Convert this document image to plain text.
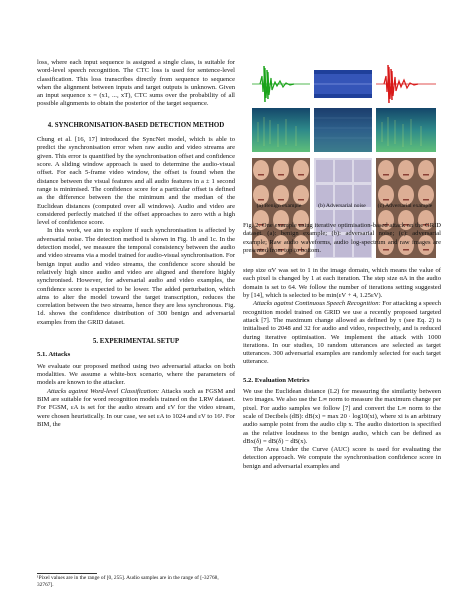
loss, where each input sequence is assigned a single class, is suitable for word-level speech recognition. The CTC loss is used for sentence-level classification. This loss transcribes directly from sequence to sequence when the alignment between inputs and target outputs is unknown. Given an input sequence x = (x1, ..., xT), CTC sums over the probability of all possible alignments to obtain the posterior of the target sequence.

4. SYNCHRONISATION-BASED DETECTION METHOD

Chung et al. [16, 17] introduced the SyncNet model, which is able to predict the synchronisation error when raw audio and video streams are given. This error is quantified by the synchronisation offset and confidence score. A sliding window approach is used to determine the audio-visual offset. For each 5-frame video window, the offset is found when the distance between the visual features and all audio features in a ± 1 second range is minimised. The confidence score for a particular offset is defined as the difference between the the minimum and the median of the Euclidean distances (computed over all windows). Audio and video are considered perfectly matched if the offset approaches to zero with a high level of confidence score.

In this work, we aim to explore if such synchronisation is affected by adversarial noise. The detection method is shown in Fig. 1b and 1c. In the detection model, we measure the temporal consistency between the audio and video streams via a model trained for audio-visual synchronisation. For benign input audio and video streams, the confidence score should be relatively high since audio and video are aligned and therefore highly synchronised. However, for adversarial audio and video examples, the confidence score is expected to be lower. The added perturbation, which aims to alter the model toward the target transcription, reduces the correlation between the two streams, hence they are less synchronous. Fig. 1d. shows the confidence distribution of 300 benign and adversarial examples from the GRID dataset.

5. EXPERIMENTAL SETUP

5.1. Attacks

We evaluate our proposed method using two adversarial attacks on both modalities. We assume a white-box scenario, where the parameters of models are known to the attacker.

Attacks against Word-level Classification: Attacks such as FGSM and BIM are suitable for word recognition models trained on the LRW dataset. For FGSM, εA is set for the audio stream and εV for the video stream, were chosen heuristically. In our case, we set εA to 1024 and εV to 16¹. For BIM, the

¹Pixel values are in the range of [0, 255]. Audio samples are in the range of [-32768, 32767].
(a) Benign example	(b) Adversarial noise	(c) Adversarial example

Fig. 2. One example using iterative optimisation-based attack on the GRID dataset. (a): benign example; (b): adversarial noise; (c): adversarial example; Raw audio waveforms, audio log-spectrum and raw images are presented from top to bottom.

step size αV was set to 1 in the image domain, which means the value of each pixel is changed by 1 at each iteration. The step size αA in the audio domain is set to 64. We follow the number of iterations setting suggested by [14], which is selected to be min(εV + 4, 1.25εV).

Attacks against Continuous Speech Recognition: For attacking a speech recognition model trained on GRID we use a recently proposed targeted attack [7]. The maximum change allowed as defined by τ (see Eq. 2) is initialised to 2048 and 32 for audio and video, respectively, and is reduced during iterative optimisation. We implement the attack with 1000 iterations. In our studies, 10 random utterances are selected as target utterances. 300 adversarial examples are randomly selected for each target utterance.

5.2. Evaluation Metrics

We use the Euclidean distance (L2) for measuring the similarity between two images. We also use the L∞ norm to measure the maximum change per pixel. For audio samples we follow [7] and convert the L∞ norm to the scale of Decibels (dB): dB(x) = max 20 · log10(xi), where xi is an arbitrary audio sample point from the audio clip x. The audio distortion is specified as the relative loudness to the benign audio, which can be defined as dBx(δ) = dB(δ) − dB(x).

The Area Under the Curve (AUC) score is used for evaluating the detection approach. We compute the synchronisation confidence score in benign and adversarial examples and
